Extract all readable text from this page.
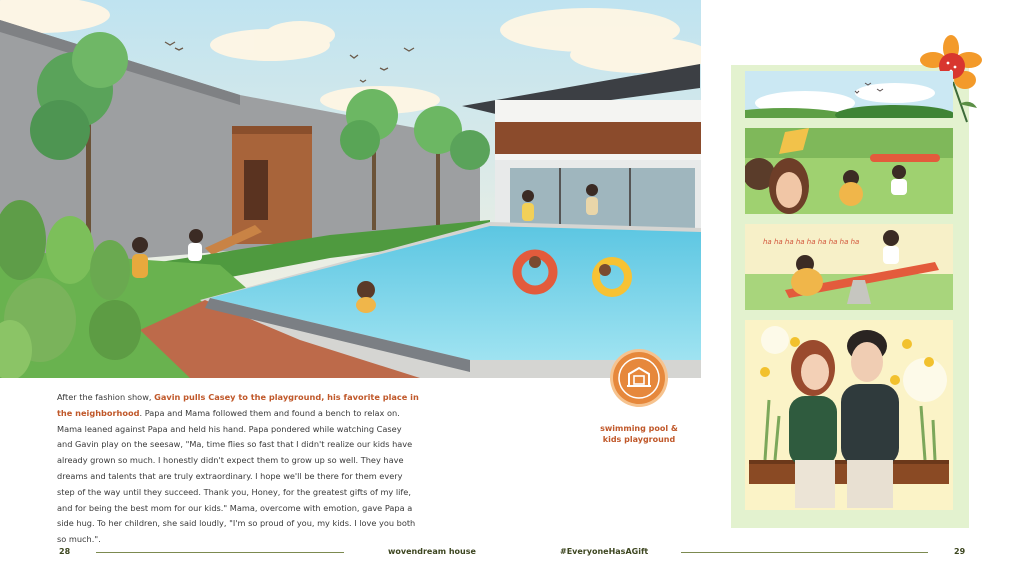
After the fashion show, Gavin pulls Casey to the playground, his favorite place in the neighborhood. Papa and Mama followed them and found a bench to relax on. Mama leaned against Papa and held his hand. Papa pondered while watching Casey and Gavin play on the seesaw, "Ma, time flies so fast that I didn't realize our kids have already grown so much. I honestly didn't expect them to grow up so well. They have dreams and talents that are truly extraordinary. I hope we'll be there for them every step of the way until they succeed. Thank you, Honey, for the greatest gifts of my life, and for being the best mom for our kids." Mama, overcome with emotion, gave Papa a side hug. To her children, she said loudly, "I'm so proud of you, my kids. I love you both so much.".

swimming pool &
kids playground
ha ha ha ha ha ha ha ha ha
28	wovendream house	#EveryoneHasAGift	29
